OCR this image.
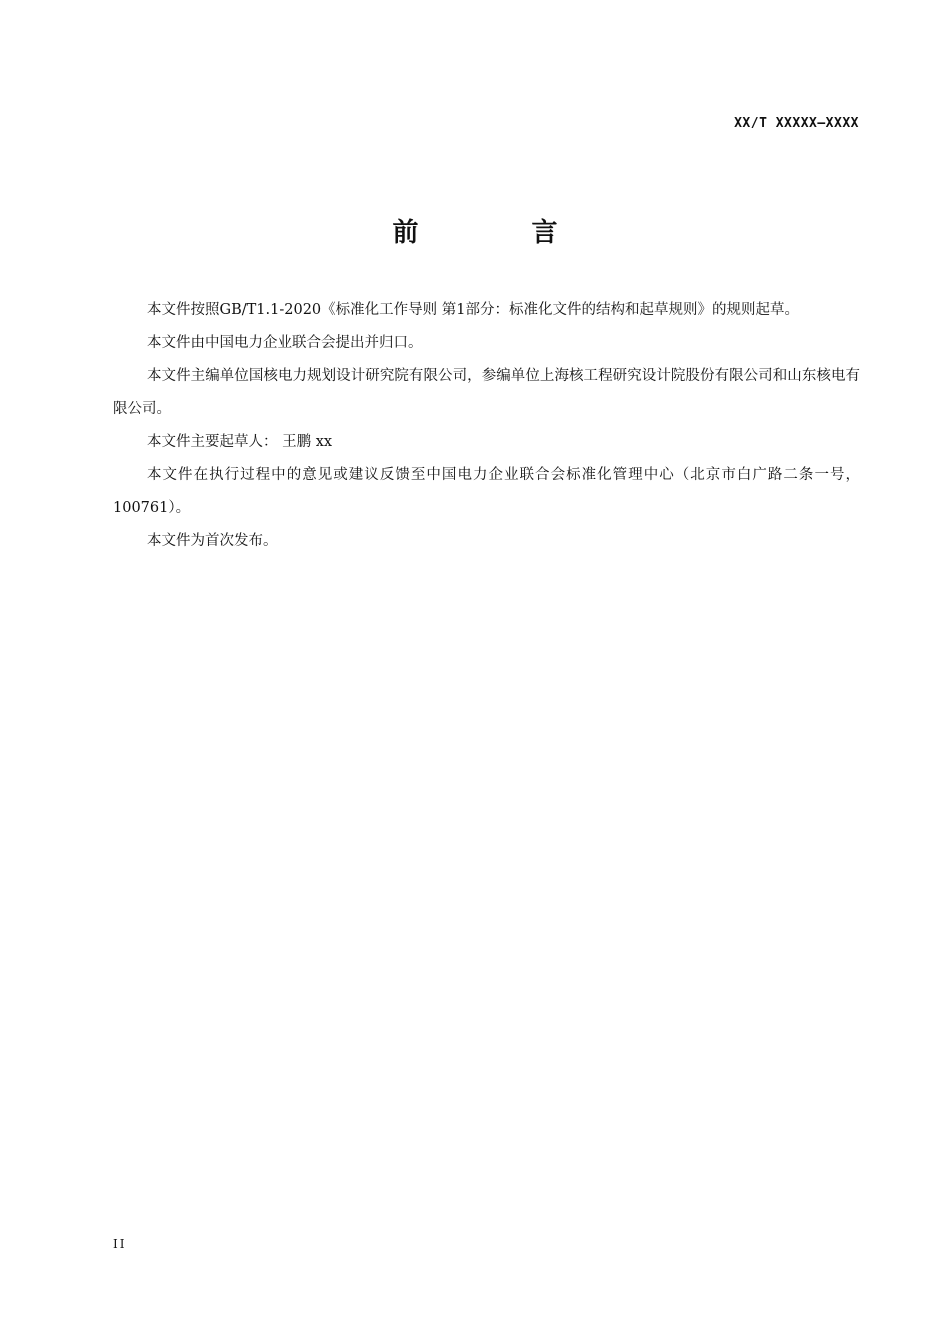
XX/T XXXXX—XXXX
前 言

本文件按照GB/T1.1-2020《标准化工作导则 第1部分：标准化文件的结构和起草规则》的规则起草。

本文件由中国电力企业联合会提出并归口。

本文件主编单位国核电力规划设计研究院有限公司，参编单位上海核工程研究设计院股份有限公司和山东核电有限公司。

本文件主要起草人： 王鹏 xx

本文件在执行过程中的意见或建议反馈至中国电力企业联合会标准化管理中心（北京市白广路二条一号，100761）。

本文件为首次发布。

II
